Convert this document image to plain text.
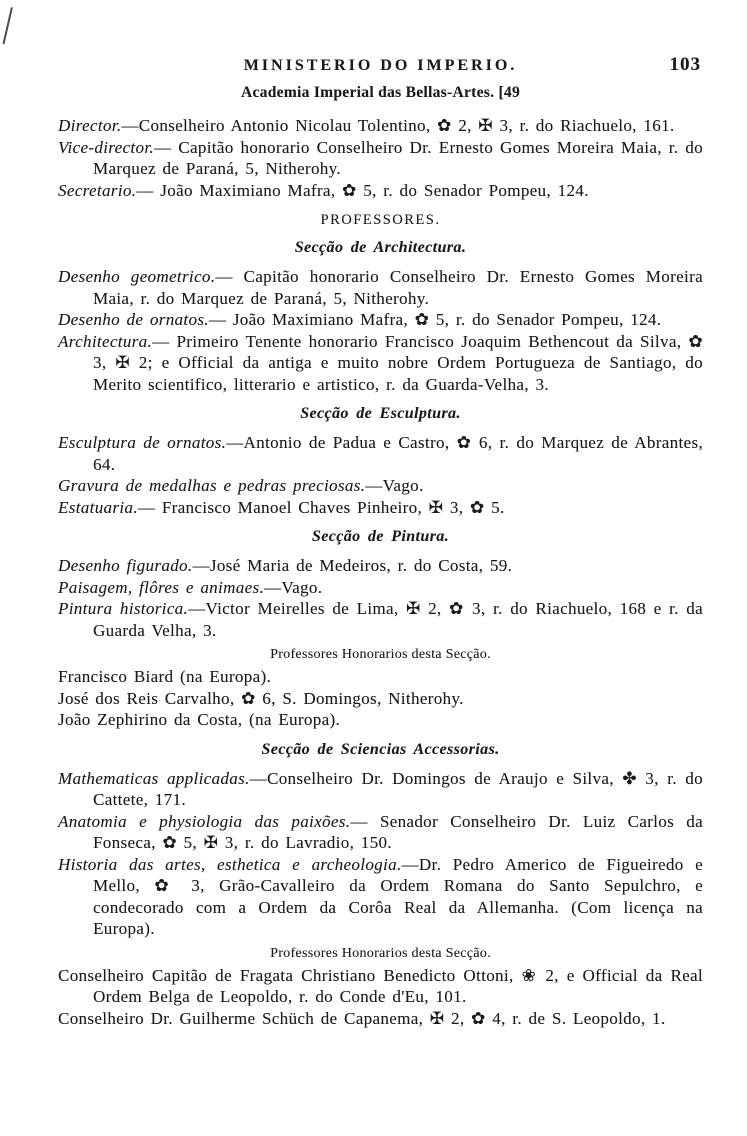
MINISTERIO DO IMPERIO.	103
Academia Imperial das Bellas-Artes. [49

Director.—Conselheiro Antonio Nicolau Tolentino, ✿ 2, ✠ 3, r. do Riachuelo, 161.

Vice-director.— Capitão honorario Conselheiro Dr. Ernesto Gomes Moreira Maia, r. do Marquez de Paraná, 5, Nitherohy.

Secretario.— João Maximiano Mafra, ✿ 5, r. do Senador Pompeu, 124.

PROFESSORES.
Secção de Architectura.

Desenho geometrico.— Capitão honorario Conselheiro Dr. Ernesto Gomes Moreira Maia, r. do Marquez de Paraná, 5, Nitherohy.

Desenho de ornatos.— João Maximiano Mafra, ✿ 5, r. do Senador Pompeu, 124.

Architectura.— Primeiro Tenente honorario Francisco Joaquim Bethencout da Silva, ✿ 3, ✠ 2; e Official da antiga e muito nobre Ordem Portugueza de Santiago, do Merito scientifico, litterario e artistico, r. da Guarda-Velha, 3.

Secção de Esculptura.

Esculptura de ornatos.—Antonio de Padua e Castro, ✿ 6, r. do Marquez de Abrantes, 64.

Gravura de medalhas e pedras preciosas.—Vago.

Estatuaria.— Francisco Manoel Chaves Pinheiro, ✠ 3, ✿ 5.

Secção de Pintura.

Desenho figurado.—José Maria de Medeiros, r. do Costa, 59.

Paisagem, flôres e animaes.—Vago.

Pintura historica.—Victor Meirelles de Lima, ✠ 2, ✿ 3, r. do Riachuelo, 168 e r. da Guarda Velha, 3.

Professores Honorarios desta Secção.

Francisco Biard (na Europa).

José dos Reis Carvalho, ✿ 6, S. Domingos, Nitherohy.

João Zephirino da Costa, (na Europa).

Secção de Sciencias Accessorias.

Mathematicas applicadas.—Conselheiro Dr. Domingos de Araujo e Silva, ✤ 3, r. do Cattete, 171.

Anatomia e physiologia das paixões.— Senador Conselheiro Dr. Luiz Carlos da Fonseca, ✿ 5, ✠ 3, r. do Lavradio, 150.

Historia das artes, esthetica e archeologia.—Dr. Pedro Americo de Figueiredo e Mello, ✿ 3, Grão-Cavalleiro da Ordem Romana do Santo Sepulchro, e condecorado com a Ordem da Corôa Real da Allemanha. (Com licença na Europa).

Professores Honorarios desta Secção.

Conselheiro Capitão de Fragata Christiano Benedicto Ottoni, ❀ 2, e Official da Real Ordem Belga de Leopoldo, r. do Conde d'Eu, 101.

Conselheiro Dr. Guilherme Schüch de Capanema, ✠ 2, ✿ 4, r. de S. Leopoldo, 1.
